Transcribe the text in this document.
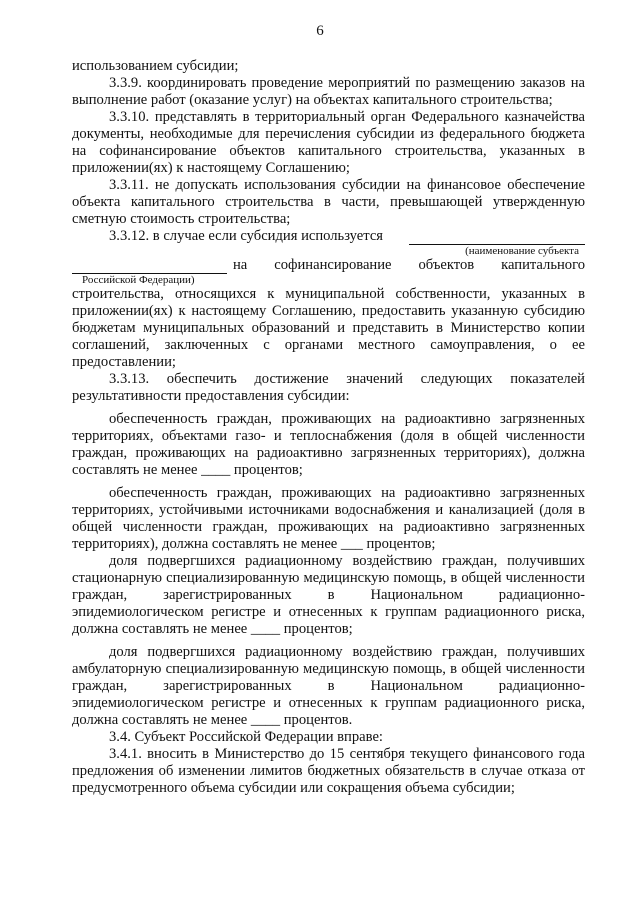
6

использованием субсидии;

3.3.9. координировать проведение мероприятий по размещению заказов на выполнение работ (оказание услуг) на объектах капитального строительства;

3.3.10. представлять в территориальный орган Федерального казначейства документы, необходимые для перечисления субсидии из федерального бюджета на софинансирование объектов капитального строительства, указанных в приложении(ях) к настоящему Соглашению;

3.3.11. не допускать использования субсидии на финансовое обеспечение объекта капитального строительства в части, превышающей утвержденную сметную стоимость строительства;

3.3.12. в случае если субсидия используется
(наименование субъекта
на софинансирование объектов капитального
Российской Федерации)

строительства, относящихся к муниципальной собственности, указанных в приложении(ях) к настоящему Соглашению, предоставить указанную субсидию бюджетам муниципальных образований и представить в Министерство копии соглашений, заключенных с органами местного самоуправления, о ее предоставлении;

3.3.13. обеспечить достижение значений следующих показателей результативности предоставления субсидии:

обеспеченность граждан, проживающих на радиоактивно загрязненных территориях, объектами газо- и теплоснабжения (доля в общей численности граждан, проживающих на радиоактивно загрязненных территориях), должна составлять не менее ____ процентов;

обеспеченность граждан, проживающих на радиоактивно загрязненных территориях, устойчивыми источниками водоснабжения и канализацией (доля в общей численности граждан, проживающих на радиоактивно загрязненных территориях), должна составлять не менее ___ процентов;

доля подвергшихся радиационному воздействию граждан, получивших стационарную специализированную медицинскую помощь, в общей численности граждан, зарегистрированных в Национальном радиационно-эпидемиологическом регистре и отнесенных к группам радиационного риска, должна составлять не менее ____ процентов;

доля подвергшихся радиационному воздействию граждан, получивших амбулаторную специализированную медицинскую помощь, в общей численности граждан, зарегистрированных в Национальном радиационно-эпидемиологическом регистре и отнесенных к группам радиационного риска, должна составлять не менее ____ процентов.

3.4. Субъект Российской Федерации вправе:

3.4.1. вносить в Министерство до 15 сентября текущего финансового года предложения об изменении лимитов бюджетных обязательств в случае отказа от предусмотренного объема субсидии или сокращения объема субсидии;
